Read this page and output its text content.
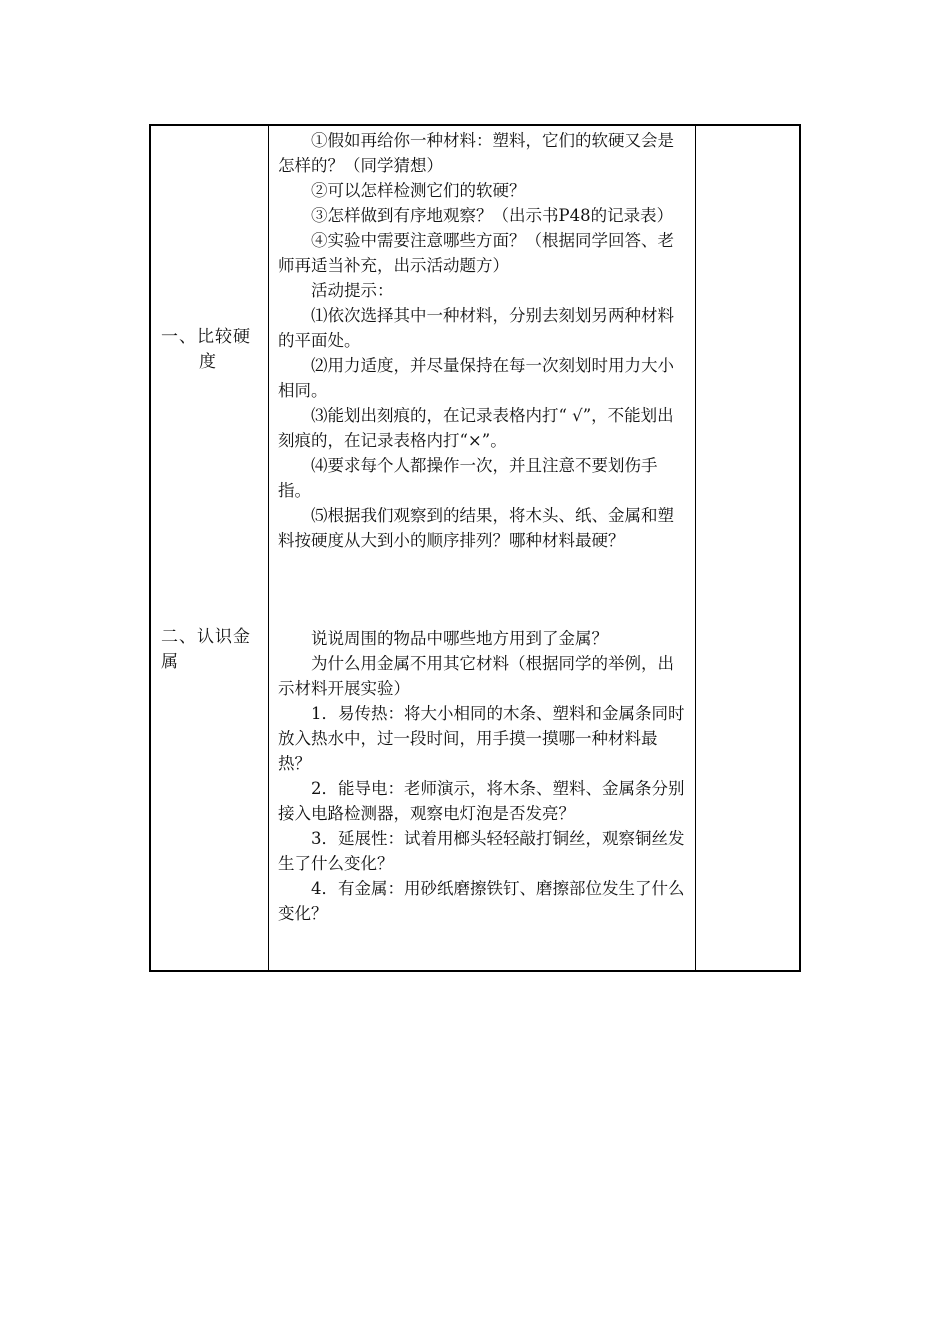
一、比较硬
度
二、认识金
属

①假如再给你一种材料：塑料，它们的软硬又会是怎样的？（同学猜想）

②可以怎样检测它们的软硬？

③怎样做到有序地观察？（出示书P48的记录表）

④实验中需要注意哪些方面？（根据同学回答、老师再适当补充，出示活动题方）

活动提示：

⑴依次选择其中一种材料，分别去刻划另两种材料的平面处。

⑵用力适度，并尽量保持在每一次刻划时用力大小相同。

⑶能划出刻痕的，在记录表格内打“ √”，不能划出刻痕的，在记录表格内打“×”。

⑷要求每个人都操作一次，并且注意不要划伤手指。

⑸根据我们观察到的结果，将木头、纸、金属和塑料按硬度从大到小的顺序排列？哪种材料最硬？

说说周围的物品中哪些地方用到了金属？

为什么用金属不用其它材料（根据同学的举例，出示材料开展实验）

1．易传热：将大小相同的木条、塑料和金属条同时放入热水中，过一段时间，用手摸一摸哪一种材料最热？

2．能导电：老师演示，将木条、塑料、金属条分别接入电路检测器，观察电灯泡是否发亮？

3．延展性：试着用榔头轻轻敲打铜丝，观察铜丝发生了什么变化？

4．有金属：用砂纸磨擦铁钉、磨擦部位发生了什么变化？
